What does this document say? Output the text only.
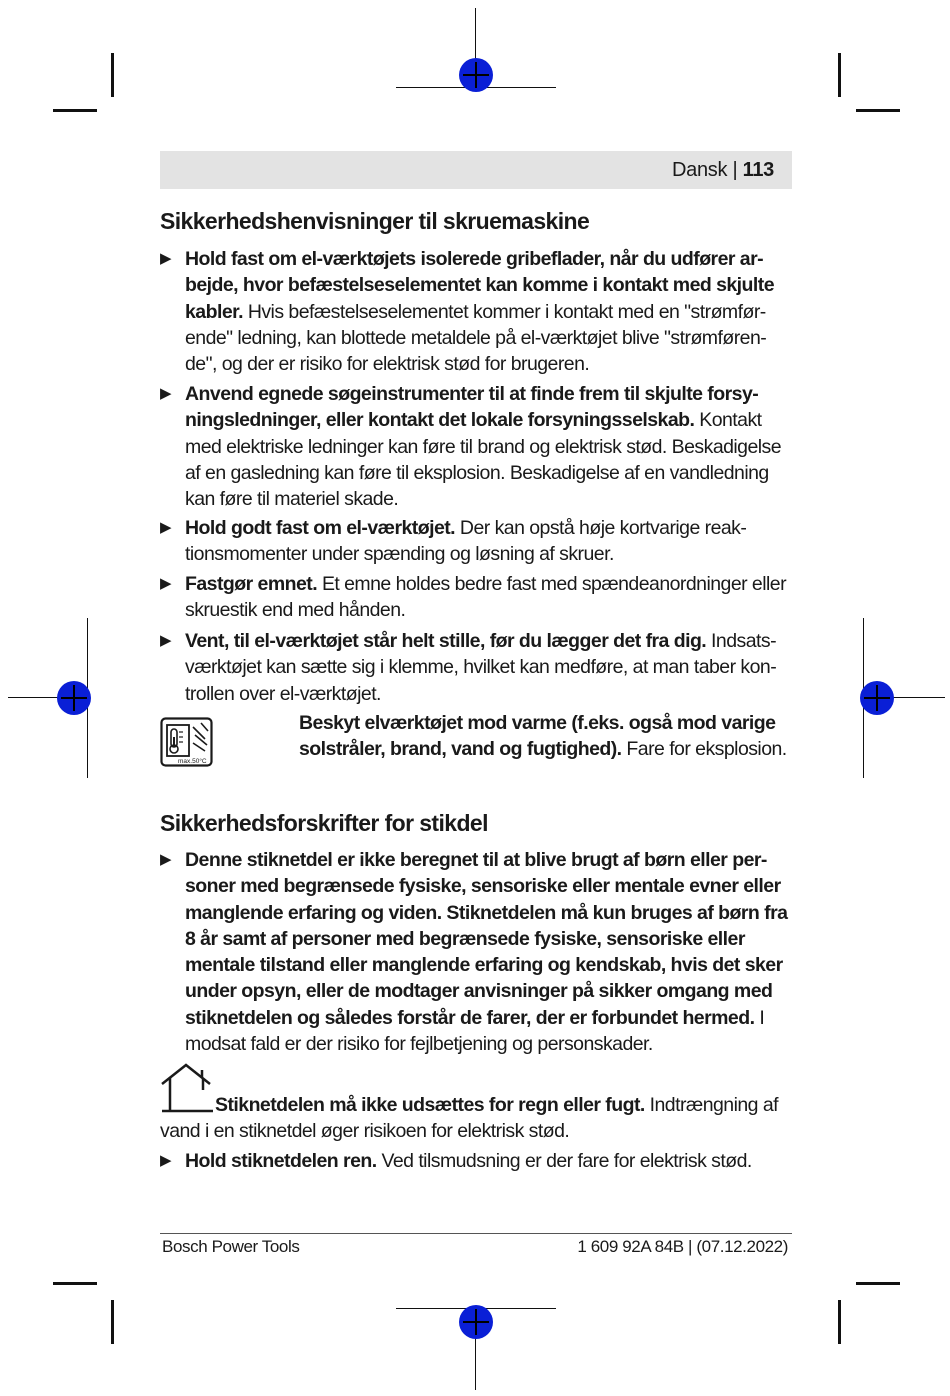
Dansk | 113
Sikkerhedshenvisninger til skruemaskine
▶ Hold fast om el-værktøjets isolerede gribeflader, når du udfører arbejde, hvor befæstelseselementet kan komme i kontakt med skjulte kabler. Hvis befæstelseselementet kommer i kontakt med en "strømførende" ledning, kan blottede metaldele på el-værktøjet blive "strømførende", og der er risiko for elektrisk stød for brugeren.
▶ Anvend egnede søgeinstrumenter til at finde frem til skjulte forsyningsledninger, eller kontakt det lokale forsyningsselskab. Kontakt med elektriske ledninger kan føre til brand og elektrisk stød. Beskadigelse af en gasledning kan føre til eksplosion. Beskadigelse af en vandledning kan føre til materiel skade.
▶ Hold godt fast om el-værktøjet. Der kan opstå høje kortvarige reaktionsmomenter under spænding og løsning af skruer.
▶ Fastgør emnet. Et emne holdes bedre fast med spændeanordninger eller skruestik end med hånden.
▶ Vent, til el-værktøjet står helt stille, før du lægger det fra dig. Indsatsværktøjet kan sætte sig i klemme, hvilket kan medføre, at man taber kontrollen over el-værktøjet.
max.50°C
Beskyt elværktøjet mod varme (f.eks. også mod varige solstråler, brand, vand og fugtighed). Fare for eksplosion.
Sikkerhedsforskrifter for stikdel
▶ Denne stiknetdel er ikke beregnet til at blive brugt af børn eller personer med begrænsede fysiske, sensoriske eller mentale evner eller manglende erfaring og viden. Stiknetdelen må kun bruges af børn fra 8 år samt af personer med begrænsede fysiske, sensoriske eller mentale tilstand eller manglende erfaring og kendskab, hvis det sker under opsyn, eller de modtager anvisninger på sikker omgang med stiknetdelen og således forstår de farer, der er forbundet hermed. I modsat fald er der risiko for fejlbetjening og personskader.
Stiknetdelen må ikke udsættes for regn eller fugt. Indtrængning af vand i en stiknetdel øger risikoen for elektrisk stød.
▶ Hold stiknetdelen ren. Ved tilsmudsning er der fare for elektrisk stød.
Bosch Power Tools	1 609 92A 84B | (07.12.2022)
